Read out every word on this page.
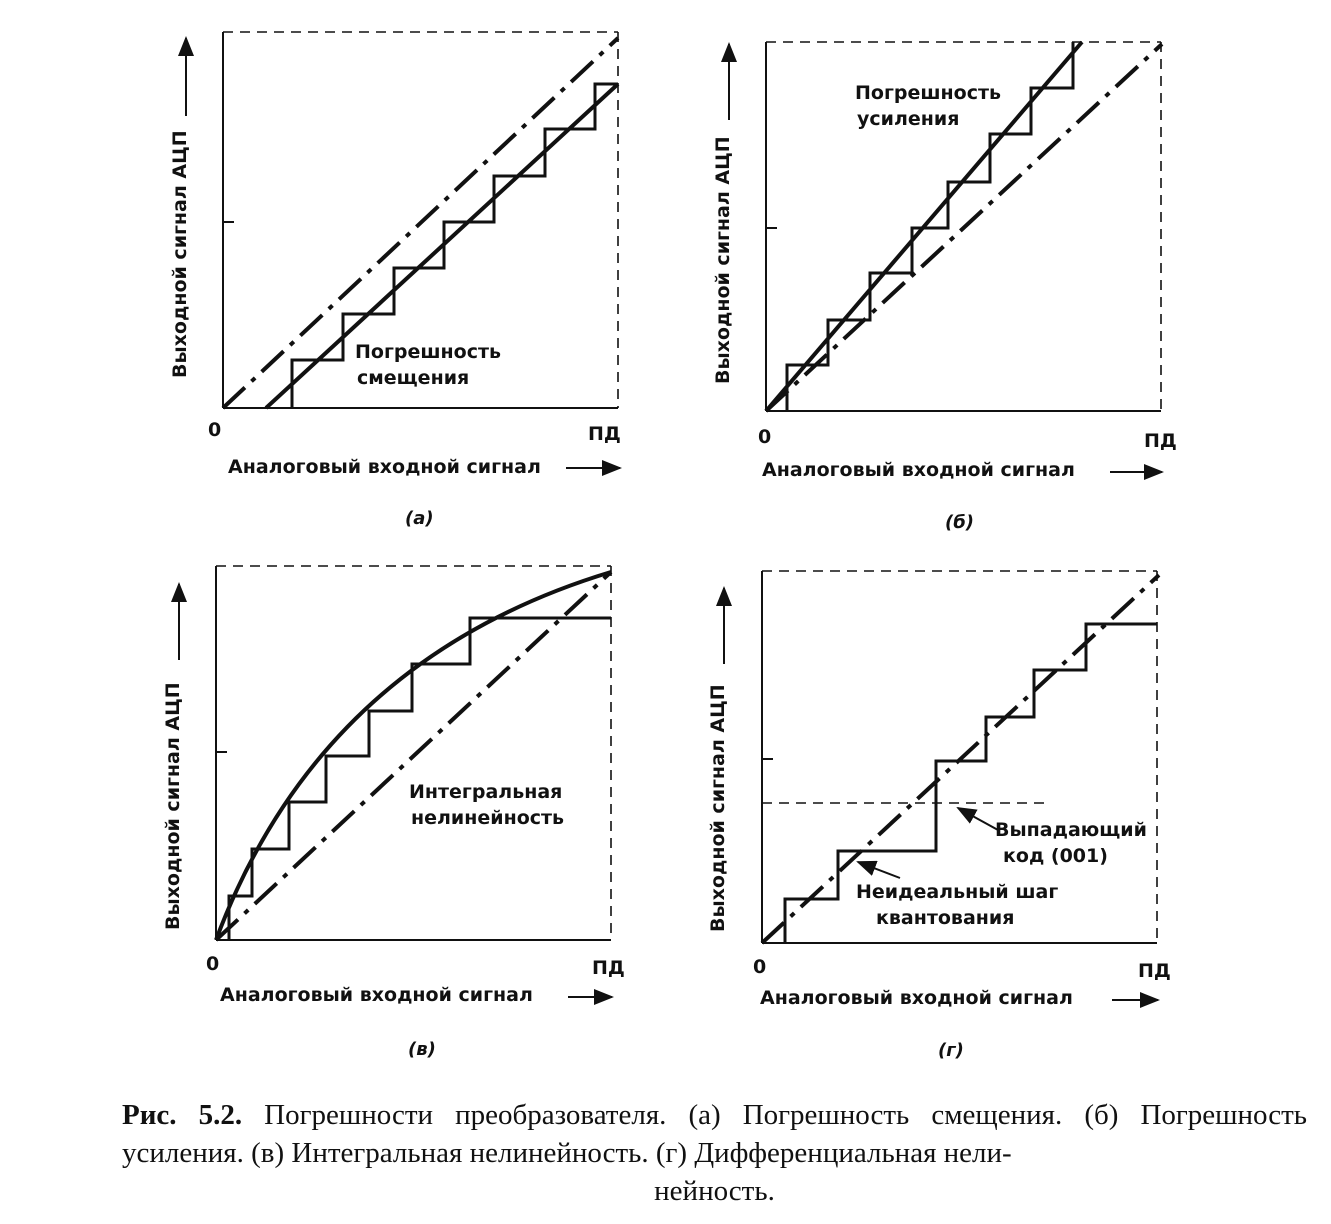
Погрешность
смещения
Выходной сигнал АЦП
0	ПД
Аналоговый входной сигнал
(а)
Погрешность
усиления
Выходной сигнал АЦП
0	ПД
Аналоговый входной сигнал
(б)
Интегральная
нелинейность
Выходной сигнал АЦП
0	ПД
Аналоговый входной сигнал
(в)
Выпадающий
код (001)
Неидеальный шаг
квантования
Выходной сигнал АЦП
0	ПД
Аналоговый входной сигнал
(г)
Рис. 5.2. Погрешности преобразователя. (а) Погрешность смещения. (б) Погрешность усиления. (в) Интегральная нелинейность. (г) Дифференциальная нели-
нейность.
